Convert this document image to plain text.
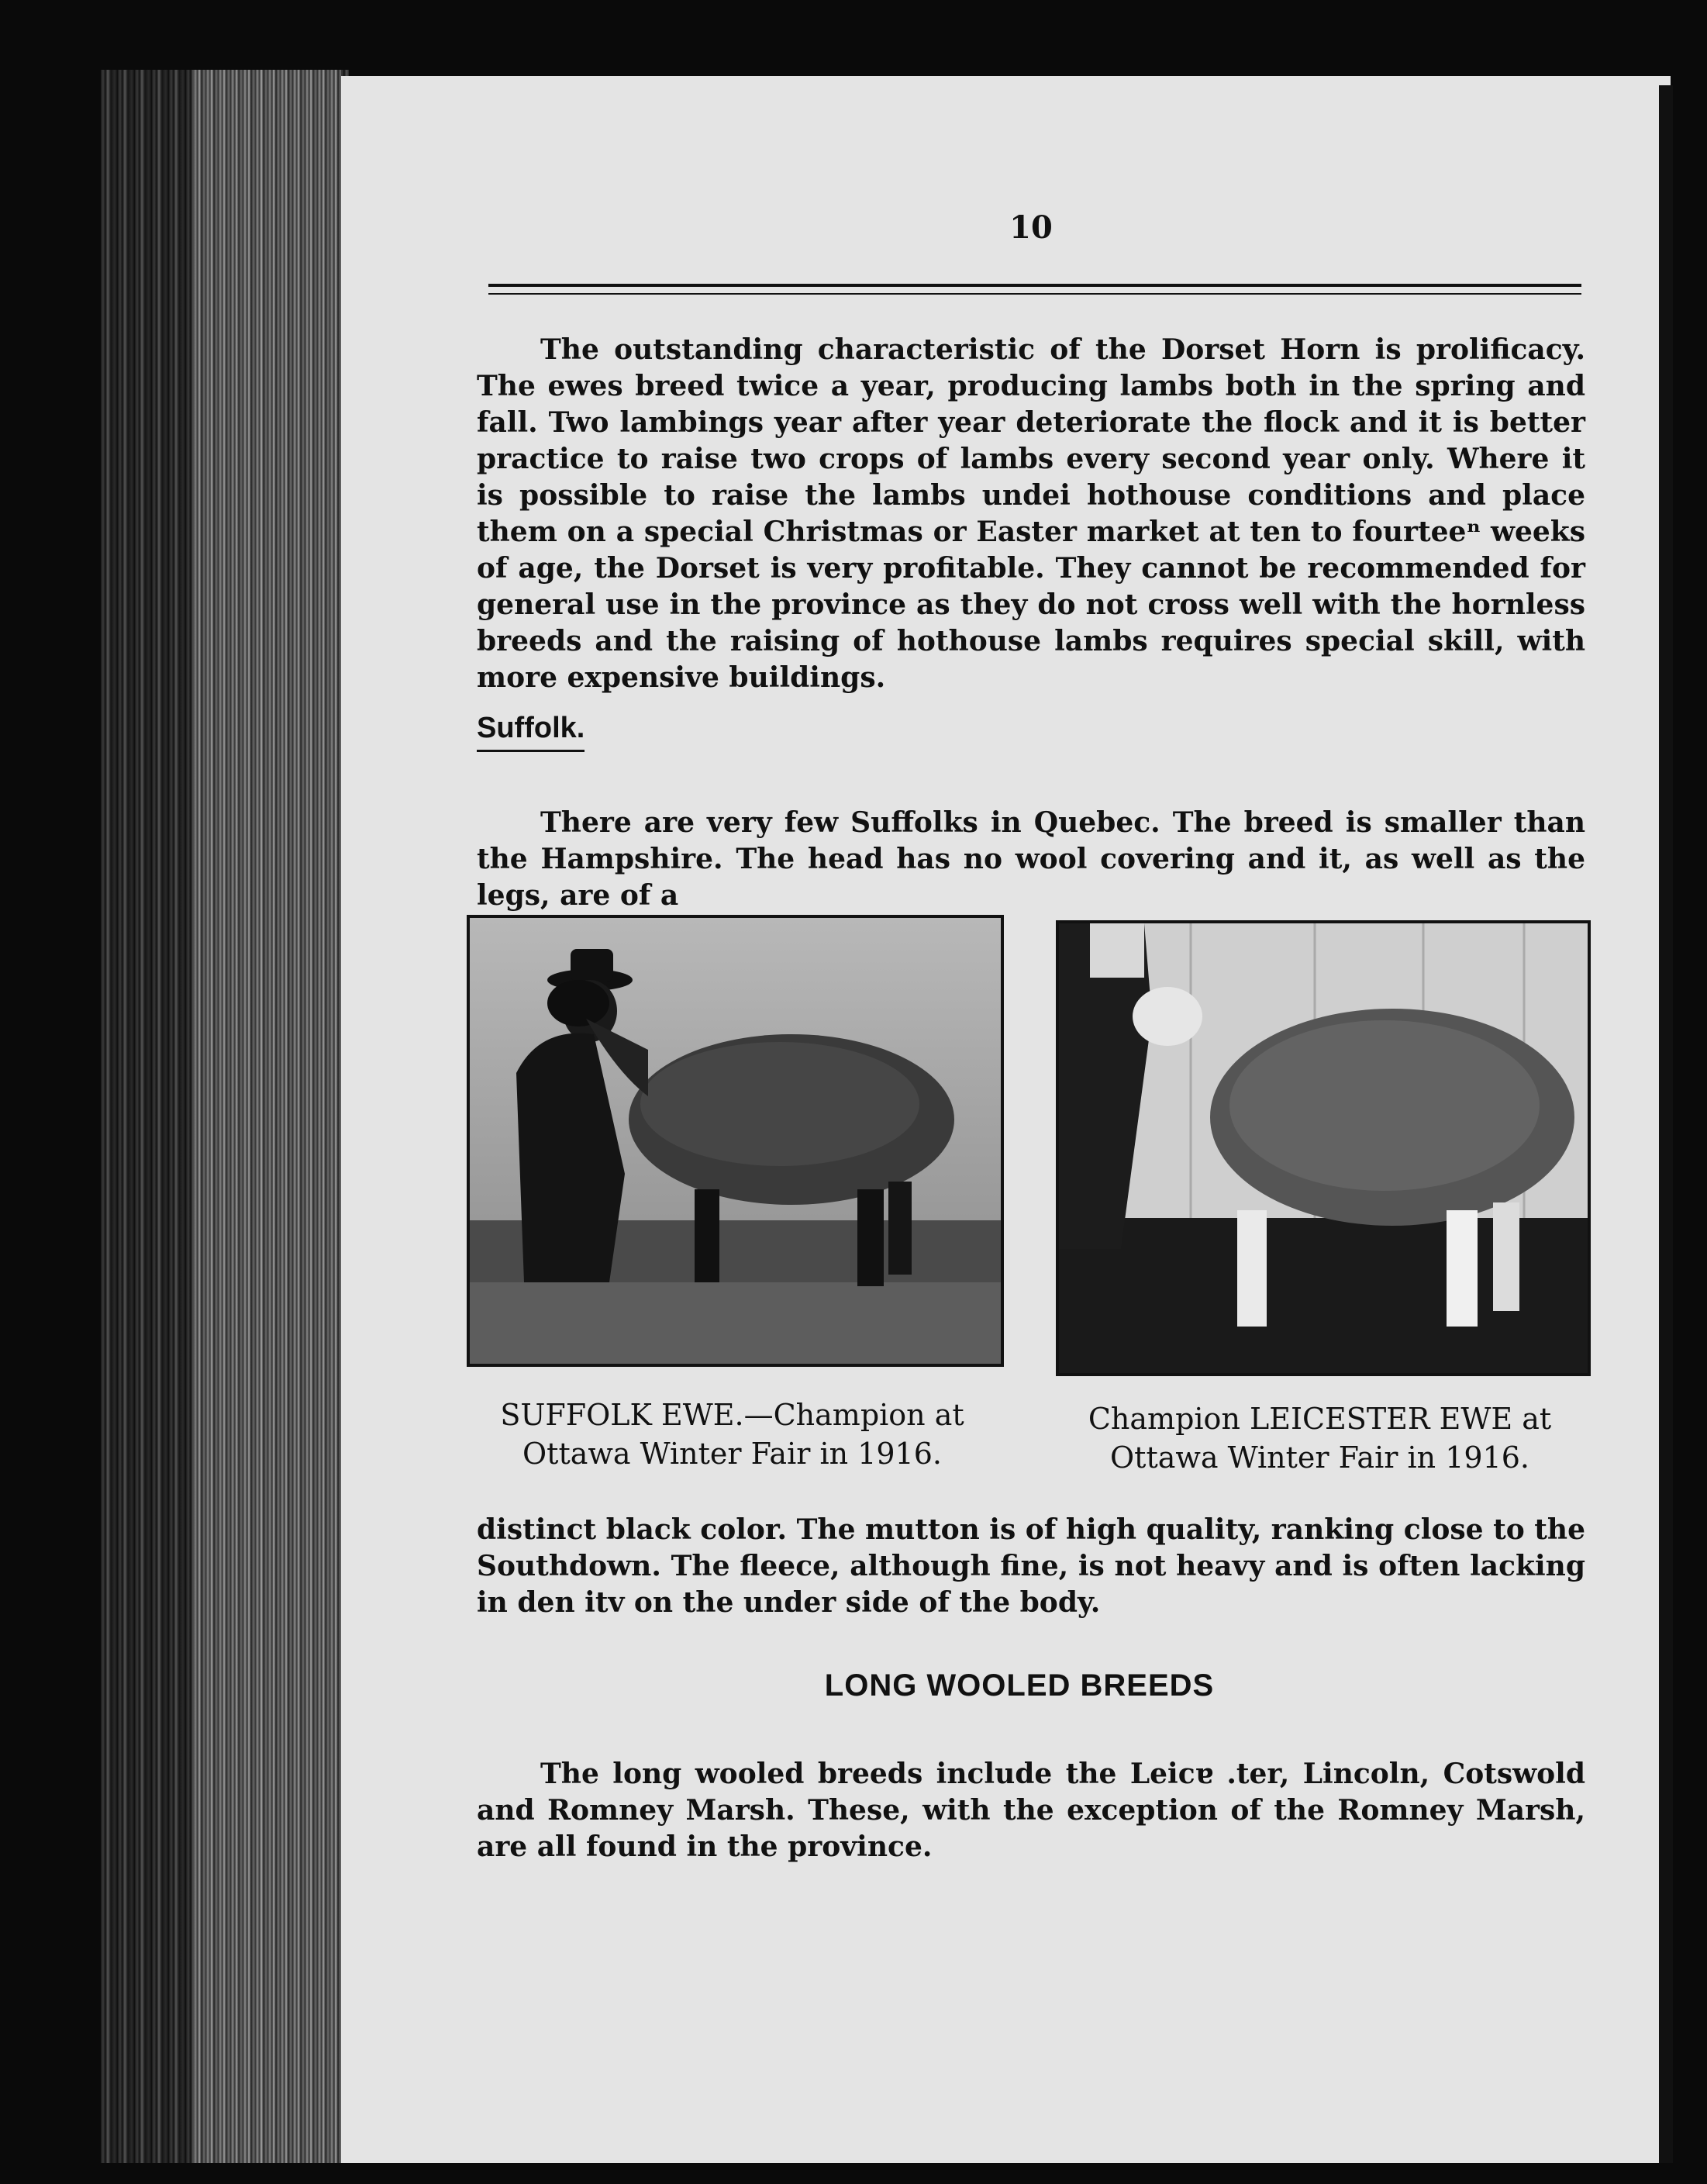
10

The outstanding characteristic of the Dorset Horn is prolificacy. The ewes breed twice a year, producing lambs both in the spring and fall. Two lambings year after year deteriorate the flock and it is better practice to raise two crops of lambs every second year only. Where it is possible to raise the lambs undei hothouse conditions and place them on a special Christmas or Easter market at ten to fourteeⁿ weeks of age, the Dorset is very profitable. They cannot be recommended for general use in the province as they do not cross well with the hornless breeds and the raising of hothouse lambs requires special skill, with more expensive buildings.

Suffolk.

There are very few Suffolks in Quebec. The breed is smaller than the Hampshire. The head has no wool covering and it, as well as the legs, are of a

SUFFOLK EWE.—Champion at
Ottawa Winter Fair in 1916.
Champion LEICESTER EWE at
Ottawa Winter Fair in 1916.

distinct black color. The mutton is of high quality, ranking close to the Southdown. The fleece, although fine, is not heavy and is often lacking in den itv on the under side of the body.

LONG WOOLED BREEDS

The long wooled breeds include the Leicɐ .ter, Lincoln, Cotswold and Romney Marsh. These, with the exception of the Romney Marsh, are all found in the province.
